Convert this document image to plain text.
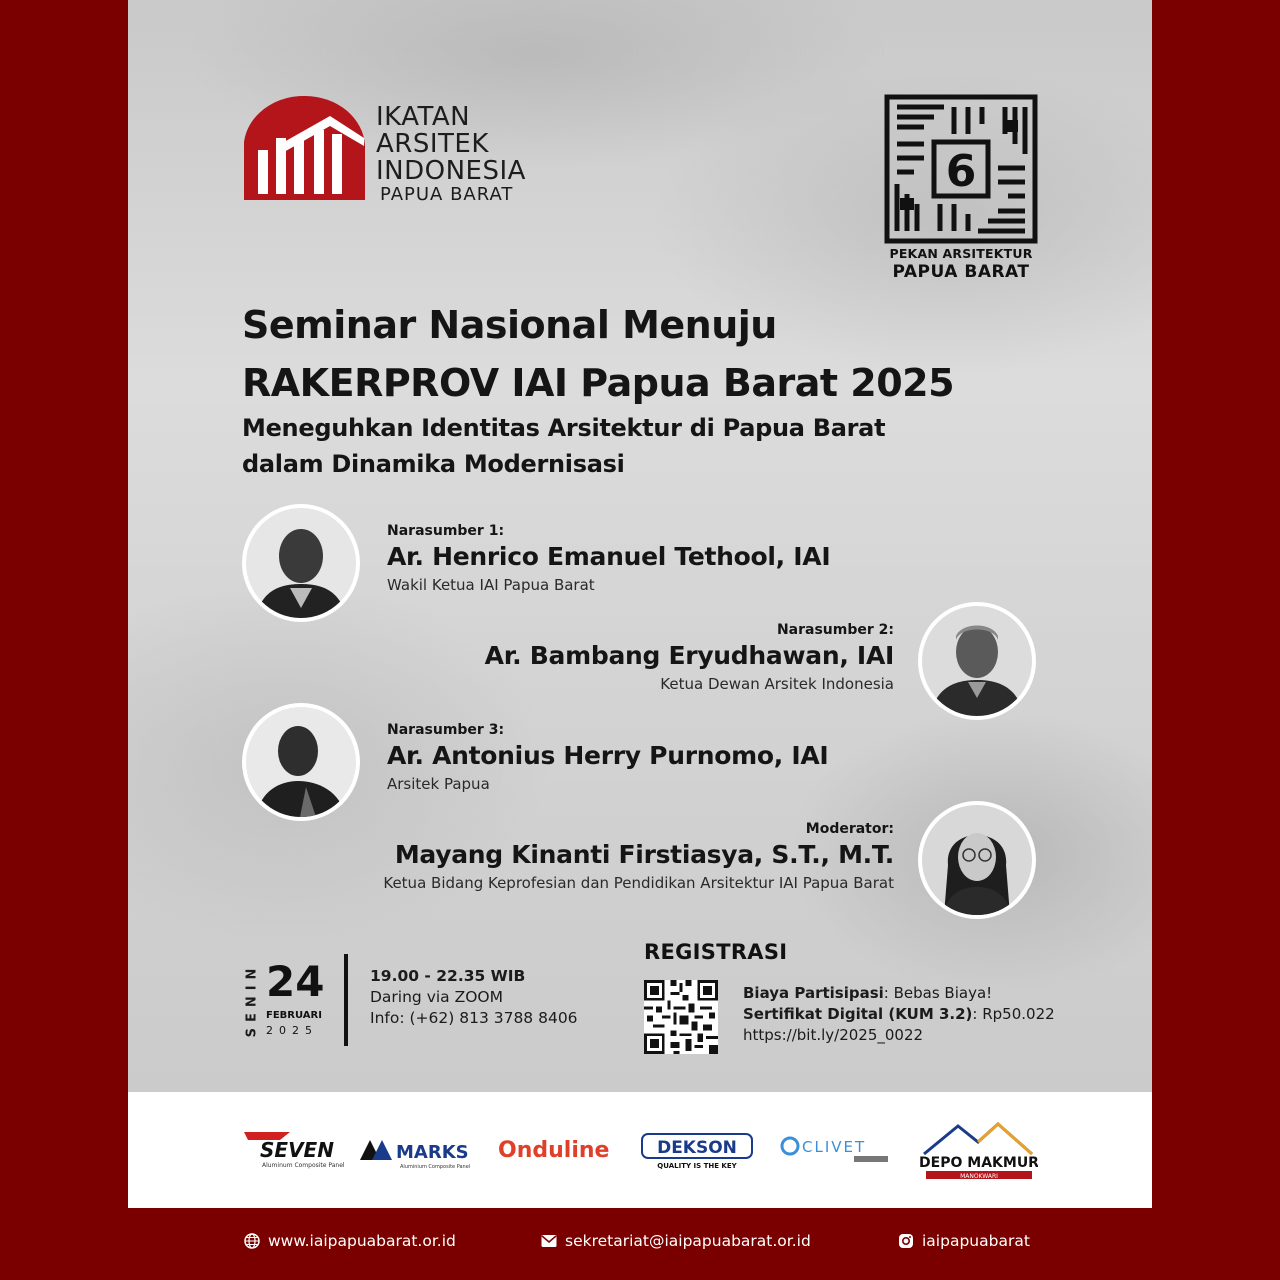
IKATAN
ARSITEK
INDONESIA
PAPUA BARAT	6
PEKAN ARSITEKTUR
PAPUA BARAT
Seminar Nasional Menuju
RAKERPROV IAI Papua Barat 2025
Meneguhkan Identitas Arsitektur di Papua Barat
dalam Dinamika Modernisasi
Narasumber 1:
Ar. Henrico Emanuel Tethool, IAI
Wakil Ketua IAI Papua Barat
Narasumber 2:
Ar. Bambang Eryudhawan, IAI
Ketua Dewan Arsitek Indonesia
Narasumber 3:
Ar. Antonius Herry Purnomo, IAI
Arsitek Papua
Moderator:
Mayang Kinanti Firstiasya, S.T., M.T.
Ketua Bidang Keprofesian dan Pendidikan Arsitektur IAI Papua Barat
SENIN 24
FEBRUARI
2025
19.00 - 22.35 WIB
Daring via ZOOM
Info: (+62) 813 3788 8406
REGISTRASI
Biaya Partisipasi: Bebas Biaya!
Sertifikat Digital (KUM 3.2): Rp50.022
https://bit.ly/2025_0022
SEVEN
Aluminum Composite Panel
MARKS
Aluminium Composite Panel
Onduline	DEKSON
QUALITY IS THE KEY
CLIVET
DEPO MAKMUR
MANOKWARI
www.iaipapuabarat.or.id	sekretariat@iaipapuabarat.or.id	iaipapuabarat
